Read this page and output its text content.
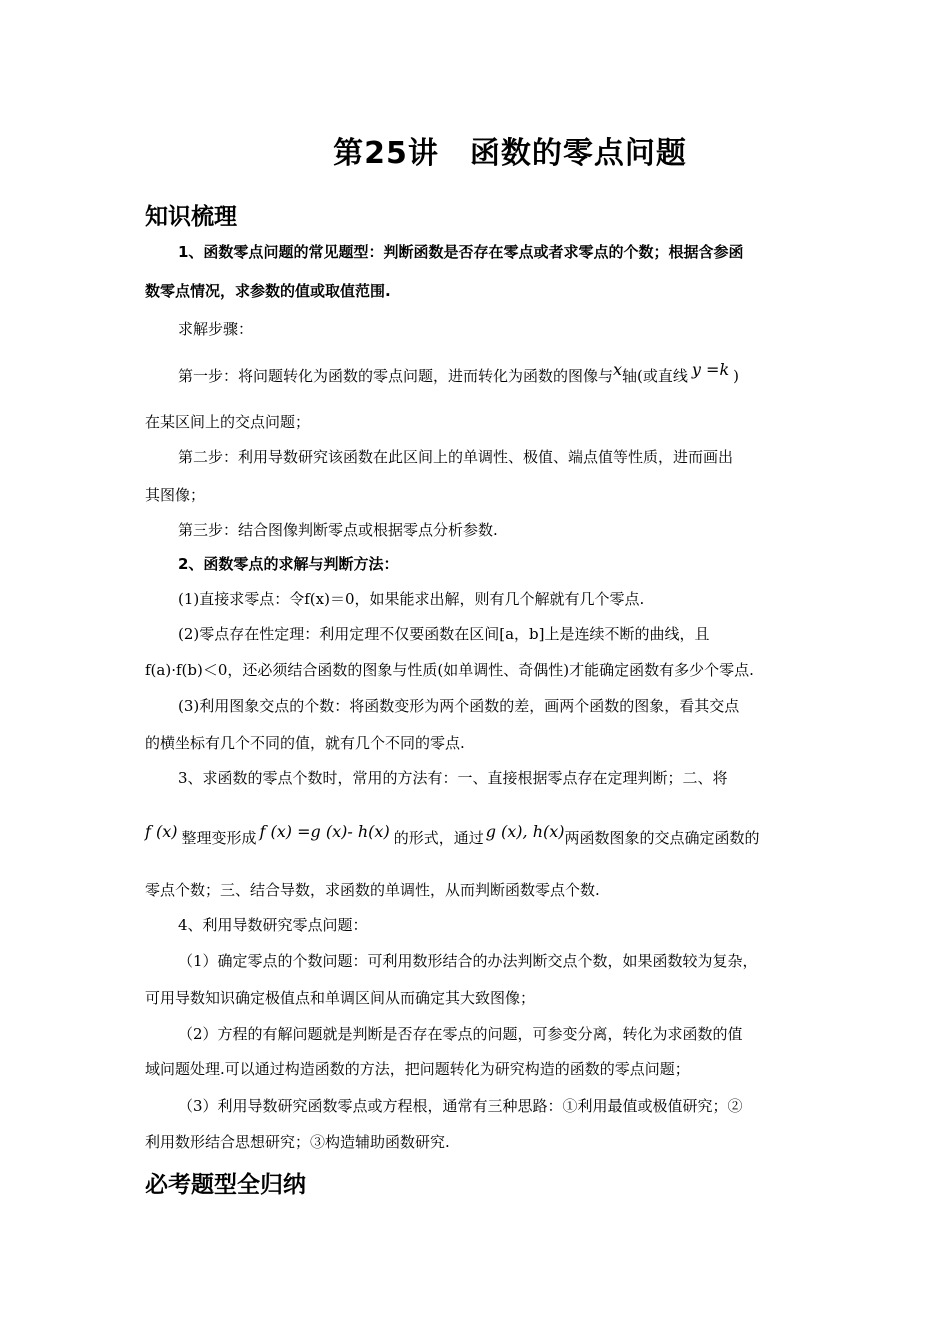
第25讲　函数的零点问题
知识梳理
1、函数零点问题的常见题型：判断函数是否存在零点或者求零点的个数；根据含参函
数零点情况，求参数的值或取值范围.
求解步骤：
第一步：将问题转化为函数的零点问题，进而转化为函数的图像与x轴(或直线 y =k )
在某区间上的交点问题；
第二步：利用导数研究该函数在此区间上的单调性、极值、端点值等性质，进而画出
其图像；
第三步：结合图像判断零点或根据零点分析参数.
2、函数零点的求解与判断方法：
(1)直接求零点：令f(x)＝0，如果能求出解，则有几个解就有几个零点.
(2)零点存在性定理：利用定理不仅要函数在区间[a，b]上是连续不断的曲线，且
f(a)·f(b)＜0，还必须结合函数的图象与性质(如单调性、奇偶性)才能确定函数有多少个零点.
(3)利用图象交点的个数：将函数变形为两个函数的差，画两个函数的图象，看其交点
的横坐标有几个不同的值，就有几个不同的零点.
3、求函数的零点个数时，常用的方法有：一、直接根据零点存在定理判断；二、将
f (x) 整理变形成 f (x) =g (x)- h(x) 的形式，通过 g (x), h(x)两函数图象的交点确定函数的
零点个数；三、结合导数，求函数的单调性，从而判断函数零点个数.
4、利用导数研究零点问题：
（1）确定零点的个数问题：可利用数形结合的办法判断交点个数，如果函数较为复杂，
可用导数知识确定极值点和单调区间从而确定其大致图像；
（2）方程的有解问题就是判断是否存在零点的问题，可参变分离，转化为求函数的值
域问题处理.可以通过构造函数的方法，把问题转化为研究构造的函数的零点问题；
（3）利用导数研究函数零点或方程根，通常有三种思路：①利用最值或极值研究；②
利用数形结合思想研究；③构造辅助函数研究.
必考题型全归纳
